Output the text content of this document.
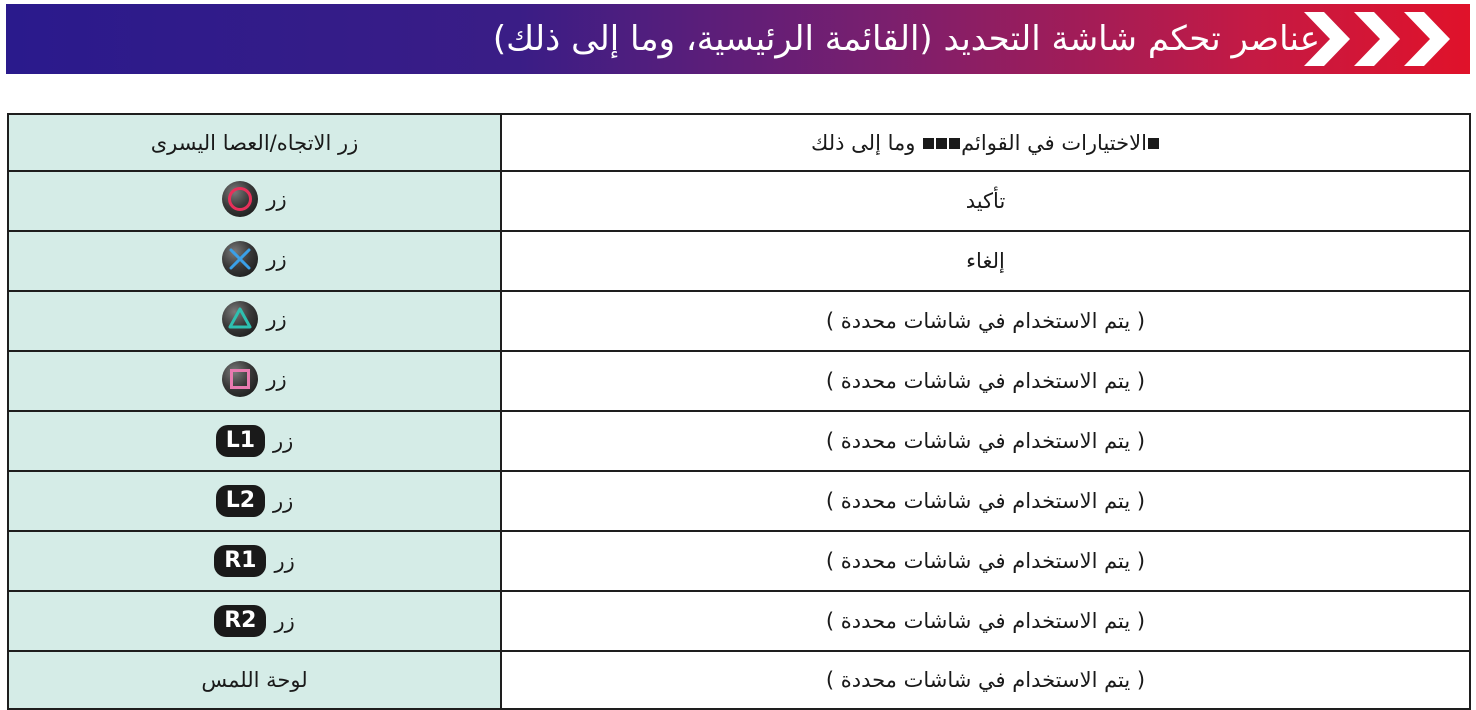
عناصر تحكم شاشة التحديد (القائمة الرئيسية، وما إلى ذلك)
زر الاتجاه/العصا اليسرى	الاختيارات في القوائم وما إلى ذلك

زر	تأكيد

زر	إلغاء

زر	( يتم الاستخدام في شاشات محددة )

زر	( يتم الاستخدام في شاشات محددة )

L1 زر	( يتم الاستخدام في شاشات محددة )

L2 زر	( يتم الاستخدام في شاشات محددة )

R1 زر	( يتم الاستخدام في شاشات محددة )

R2 زر	( يتم الاستخدام في شاشات محددة )
لوحة اللمس	( يتم الاستخدام في شاشات محددة )
